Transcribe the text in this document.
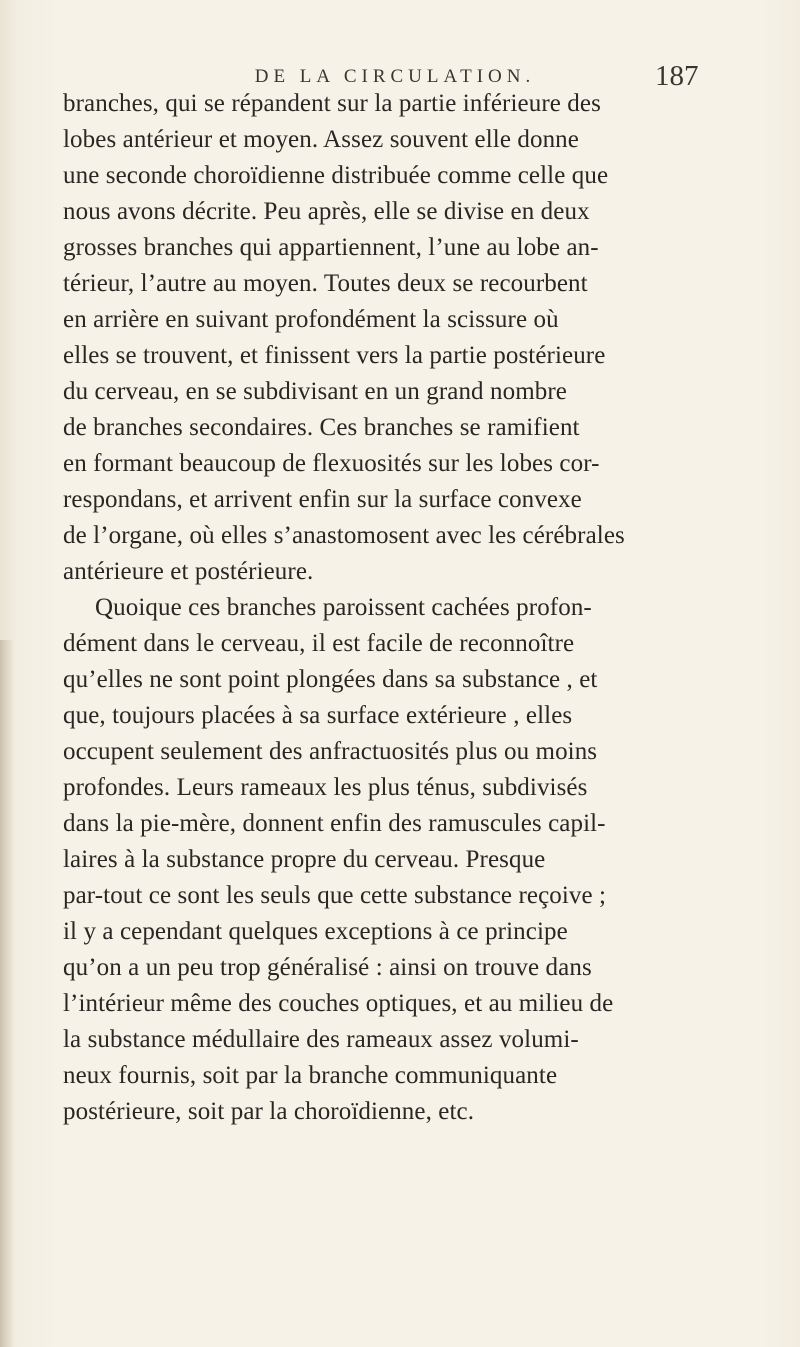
DE LA CIRCULATION.	187
branches, qui se répandent sur la partie inférieure des
lobes antérieur et moyen. Assez souvent elle donne
une seconde choroïdienne distribuée comme celle que
nous avons décrite. Peu après, elle se divise en deux
grosses branches qui appartiennent, l’une au lobe an-
térieur, l’autre au moyen. Toutes deux se recourbent
en arrière en suivant profondément la scissure où
elles se trouvent, et finissent vers la partie postérieure
du cerveau, en se subdivisant en un grand nombre
de branches secondaires. Ces branches se ramifient
en formant beaucoup de flexuosités sur les lobes cor-
respondans, et arrivent enfin sur la surface convexe
de l’organe, où elles s’anastomosent avec les cérébrales
antérieure et postérieure.
Quoique ces branches paroissent cachées profon-
dément dans le cerveau, il est facile de reconnoître
qu’elles ne sont point plongées dans sa substance , et
que, toujours placées à sa surface extérieure , elles
occupent seulement des anfractuosités plus ou moins
profondes. Leurs rameaux les plus ténus, subdivisés
dans la pie-mère, donnent enfin des ramuscules capil-
laires à la substance propre du cerveau. Presque
par-tout ce sont les seuls que cette substance reçoive ;
il y a cependant quelques exceptions à ce principe
qu’on a un peu trop généralisé : ainsi on trouve dans
l’intérieur même des couches optiques, et au milieu de
la substance médullaire des rameaux assez volumi-
neux fournis, soit par la branche communiquante
postérieure, soit par la choroïdienne, etc.
